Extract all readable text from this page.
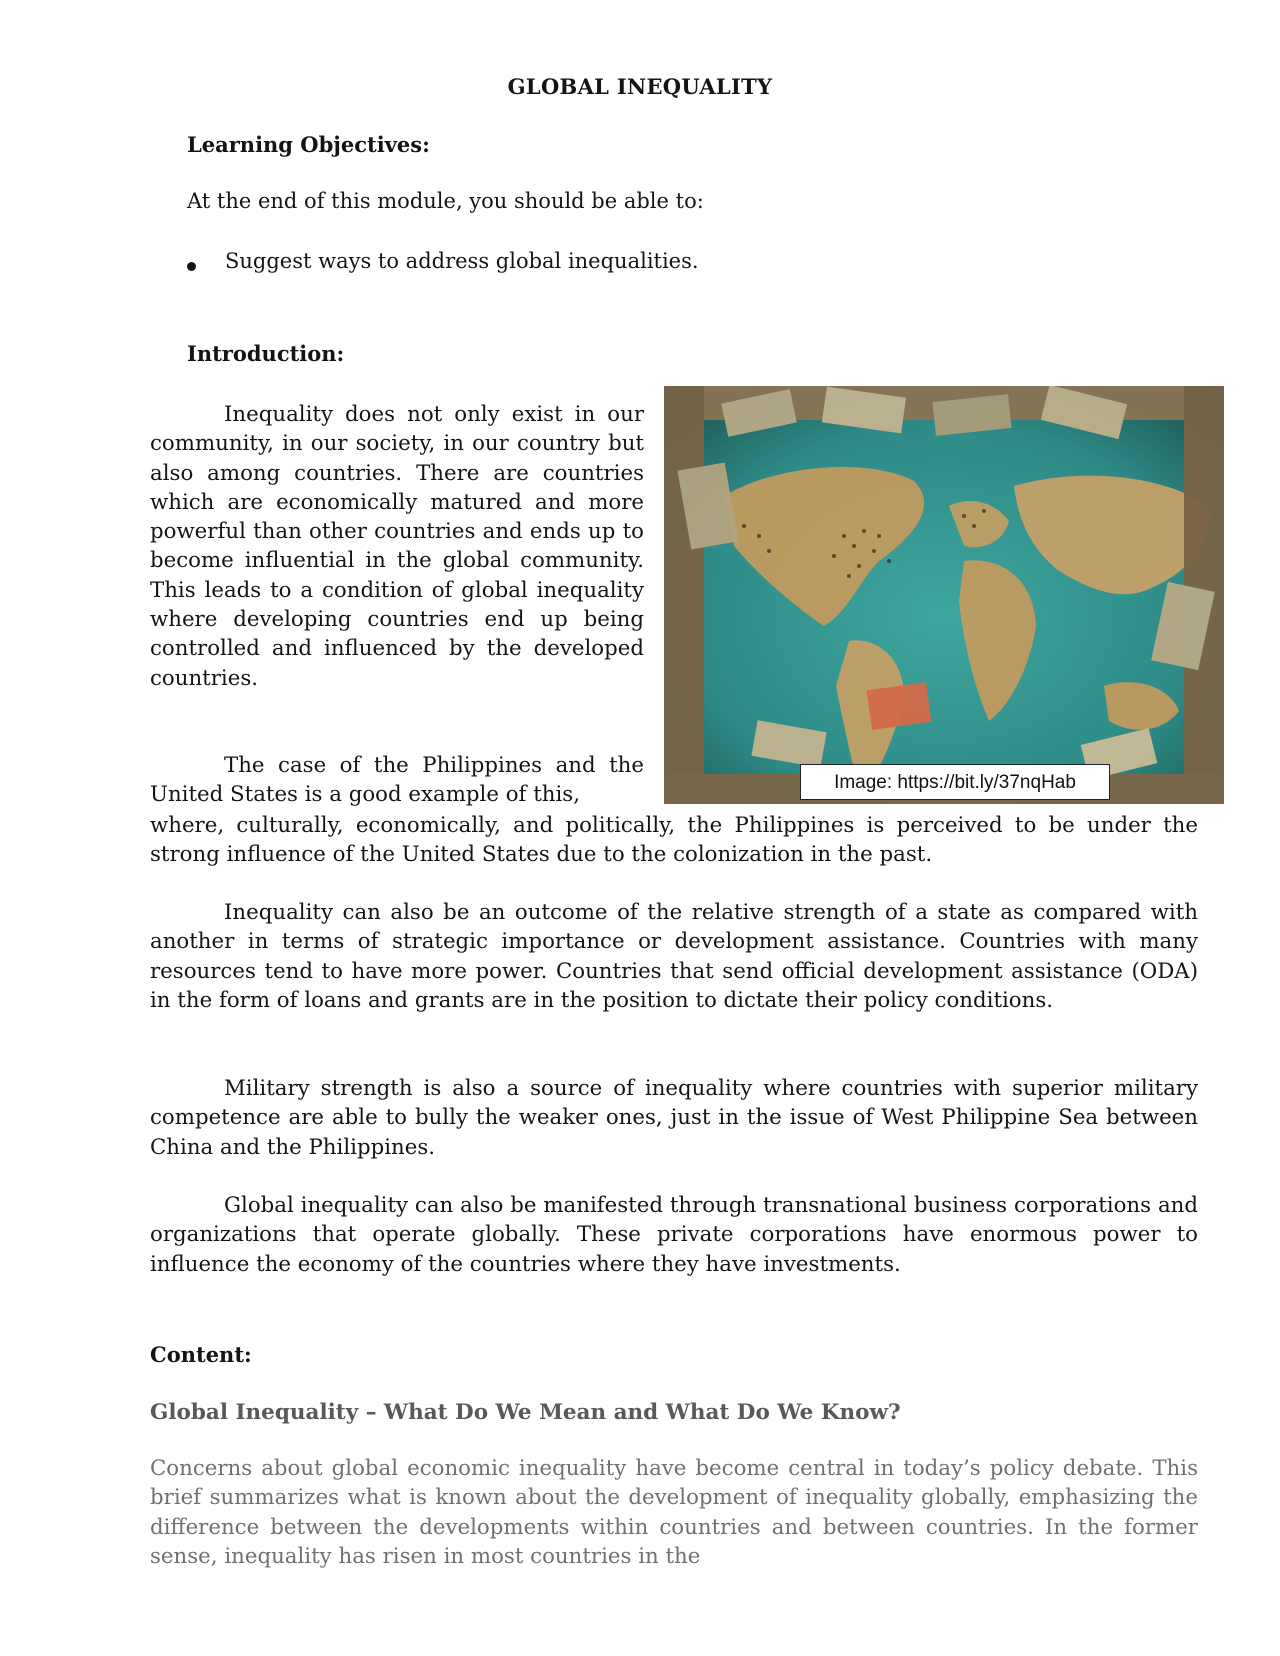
GLOBAL INEQUALITY
Learning Objectives:
At the end of this module, you should be able to:
Suggest ways to address global inequalities.
Introduction:

Inequality does not only exist in our community, in our society, in our country but also among countries. There are countries which are economically matured and more powerful than other countries and ends up to become influential in the global community. This leads to a condition of global inequality where developing countries end up being controlled and influenced by the developed countries.

The case of the Philippines and the United States is a good example of this,	Image: https://bit.ly/37nqHab

where, culturally, economically, and politically, the Philippines is perceived to be under the strong influence of the United States due to the colonization in the past.

Inequality can also be an outcome of the relative strength of a state as compared with another in terms of strategic importance or development assistance. Countries with many resources tend to have more power. Countries that send official development assistance (ODA) in the form of loans and grants are in the position to dictate their policy conditions.

Military strength is also a source of inequality where countries with superior military competence are able to bully the weaker ones, just in the issue of West Philippine Sea between China and the Philippines.

Global inequality can also be manifested through transnational business corporations and organizations that operate globally. These private corporations have enormous power to influence the economy of the countries where they have investments.

Content:
Global Inequality – What Do We Mean and What Do We Know?

Concerns about global economic inequality have become central in today’s policy debate. This brief summarizes what is known about the development of inequality globally, emphasizing the difference between the developments within countries and between countries. In the former sense, inequality has risen in most countries in the
